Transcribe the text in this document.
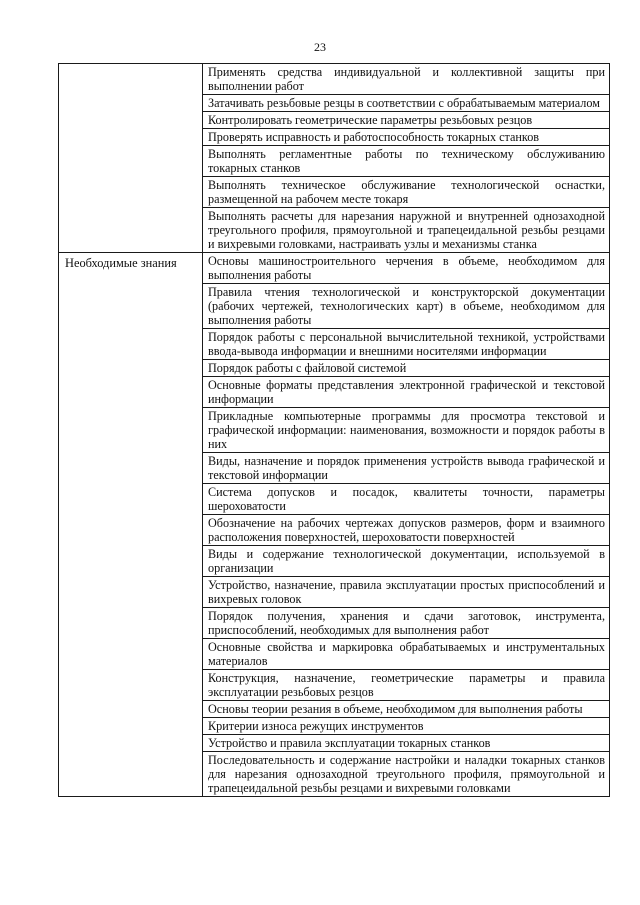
23
	Применять средства индивидуальной и коллективной защиты при выполнении работ
	Затачивать резьбовые резцы в соответствии с обрабатываемым материалом
	Контролировать геометрические параметры резьбовых резцов
	Проверять исправность и работоспособность токарных станков
	Выполнять регламентные работы по техническому обслуживанию токарных станков
	Выполнять техническое обслуживание технологической оснастки, размещенной на рабочем месте токаря
	Выполнять расчеты для нарезания наружной и внутренней однозаходной треугольного профиля, прямоугольной и трапецеидальной резьбы резцами и вихревыми головками, настраивать узлы и механизмы станка
Необходимые знания	Основы машиностроительного черчения в объеме, необходимом для выполнения работы
	Правила чтения технологической и конструкторской документации (рабочих чертежей, технологических карт) в объеме, необходимом для выполнения работы
	Порядок работы с персональной вычислительной техникой, устройствами ввода-вывода информации и внешними носителями информации
	Порядок работы с файловой системой
	Основные форматы представления электронной графической и текстовой информации
	Прикладные компьютерные программы для просмотра текстовой и графической информации: наименования, возможности и порядок работы в них
	Виды, назначение и порядок применения устройств вывода графической и текстовой информации
	Система допусков и посадок, квалитеты точности, параметры шероховатости
	Обозначение на рабочих чертежах допусков размеров, форм и взаимного расположения поверхностей, шероховатости поверхностей
	Виды и содержание технологической документации, используемой в организации
	Устройство, назначение, правила эксплуатации простых приспособлений и вихревых головок
	Порядок получения, хранения и сдачи заготовок, инструмента, приспособлений, необходимых для выполнения работ
	Основные свойства и маркировка обрабатываемых и инструментальных материалов
	Конструкция, назначение, геометрические параметры и правила эксплуатации резьбовых резцов
	Основы теории резания в объеме, необходимом для выполнения работы
	Критерии износа режущих инструментов
	Устройство и правила эксплуатации токарных станков
	Последовательность и содержание настройки и наладки токарных станков для нарезания однозаходной треугольного профиля, прямоугольной и трапецеидальной резьбы резцами и вихревыми головками
